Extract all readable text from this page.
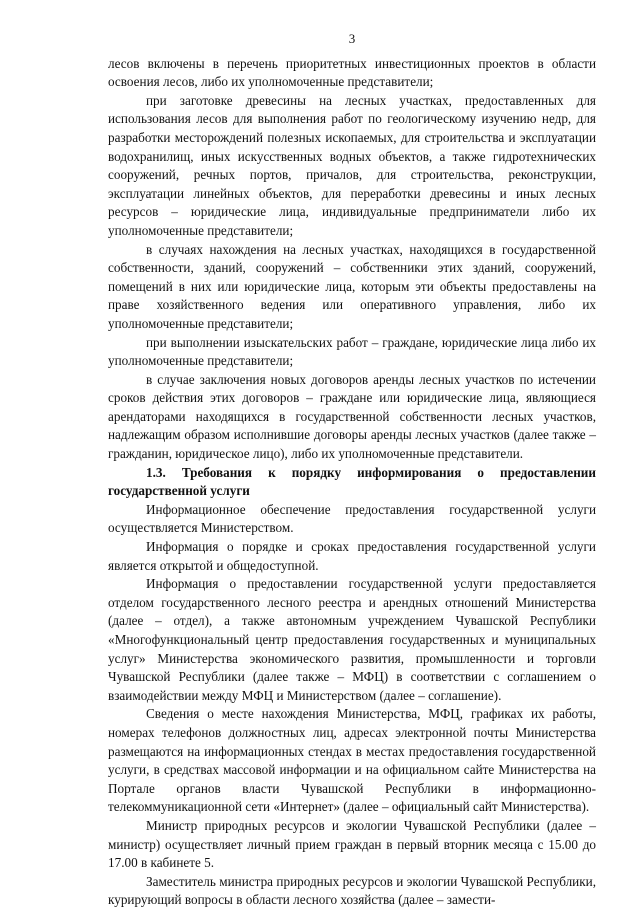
3

лесов включены в перечень приоритетных инвестиционных проектов в области освоения лесов, либо их уполномоченные представители;

при заготовке древесины на лесных участках, предоставленных для использования лесов для выполнения работ по геологическому изучению недр, для разработки месторождений полезных ископаемых, для строительства и эксплуатации водохранилищ, иных искусственных водных объектов, а также гидротехнических сооружений, речных портов, причалов, для строительства, реконструкции, эксплуатации линейных объектов, для переработки древесины и иных лесных ресурсов – юридические лица, индивидуальные предприниматели либо их уполномоченные представители;

в случаях нахождения на лесных участках, находящихся в государственной собственности, зданий, сооружений – собственники этих зданий, сооружений, помещений в них или юридические лица, которым эти объекты предоставлены на праве хозяйственного ведения или оперативного управления, либо их уполномоченные представители;

при выполнении изыскательских работ – граждане, юридические лица либо их уполномоченные представители;

в случае заключения новых договоров аренды лесных участков по истечении сроков действия этих договоров – граждане или юридические лица, являющиеся арендаторами находящихся в государственной собственности лесных участков, надлежащим образом исполнившие договоры аренды лесных участков (далее также – гражданин, юридическое лицо), либо их уполномоченные представители.

1.3. Требования к порядку информирования о предоставлении государственной услуги

Информационное обеспечение предоставления государственной услуги осуществляется Министерством.

Информация о порядке и сроках предоставления государственной услуги является открытой и общедоступной.

Информация о предоставлении государственной услуги предоставляется отделом государственного лесного реестра и арендных отношений Министерства (далее – отдел), а также автономным учреждением Чувашской Республики «Многофункциональный центр предоставления государственных и муниципальных услуг» Министерства экономического развития, промышленности и торговли Чувашской Республики (далее также – МФЦ) в соответствии с соглашением о взаимодействии между МФЦ и Министерством (далее – соглашение).

Сведения о месте нахождения Министерства, МФЦ, графиках их работы, номерах телефонов должностных лиц, адресах электронной почты Министерства размещаются на информационных стендах в местах предоставления государственной услуги, в средствах массовой информации и на официальном сайте Министерства на Портале органов власти Чувашской Республики в информационно-телекоммуникационной сети «Интернет» (далее – официальный сайт Министерства).

Министр природных ресурсов и экологии Чувашской Республики (далее – министр) осуществляет личный прием граждан в первый вторник месяца с 15.00 до 17.00 в кабинете 5.

Заместитель министра природных ресурсов и экологии Чувашской Республики, курирующий вопросы в области лесного хозяйства (далее – замести-
